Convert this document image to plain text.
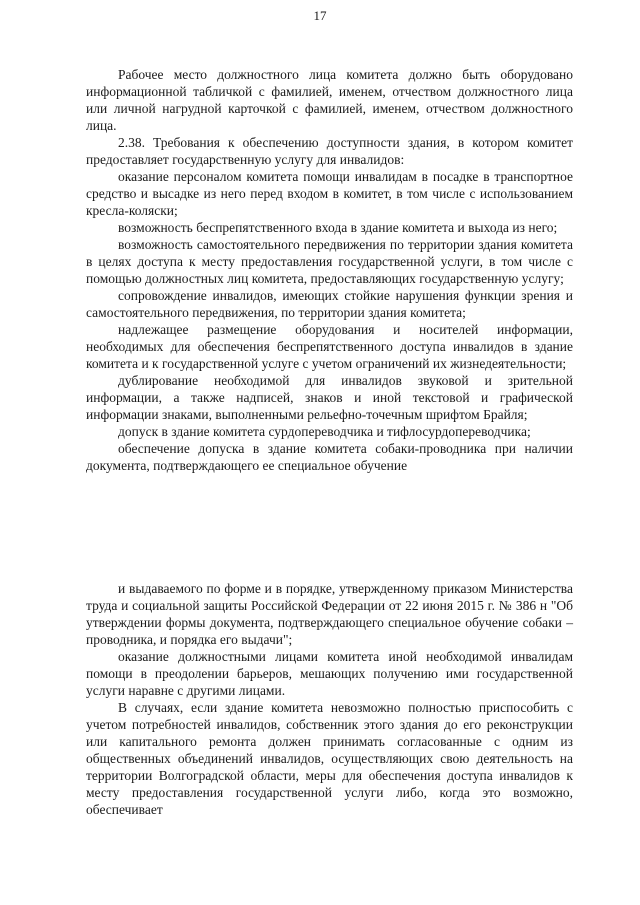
17

Рабочее место должностного лица комитета должно быть оборудовано информационной табличкой с фамилией, именем, отчеством должностного лица или личной нагрудной карточкой с фамилией, именем, отчеством должностного лица.

2.38. Требования к обеспечению доступности здания, в котором комитет предоставляет государственную услугу для инвалидов:

оказание персоналом комитета помощи инвалидам в посадке в транспортное средство и высадке из него перед входом в комитет, в том числе с использованием кресла-коляски;

возможность беспрепятственного входа в здание комитета и выхода из него;

возможность самостоятельного передвижения по территории здания комитета в целях доступа к месту предоставления государственной услуги, в том числе с помощью должностных лиц комитета, предоставляющих государственную услугу;

сопровождение инвалидов, имеющих стойкие нарушения функции зрения и самостоятельного передвижения, по территории здания комитета;

надлежащее размещение оборудования и носителей информации, необходимых для обеспечения беспрепятственного доступа инвалидов в здание комитета и к государственной услуге с учетом ограничений их жизнедеятельности;

дублирование необходимой для инвалидов звуковой и зрительной информации, а также надписей, знаков и иной текстовой и графической информации знаками, выполненными рельефно-точечным шрифтом Брайля;

допуск в здание комитета сурдопереводчика и тифлосурдопереводчика;

обеспечение допуска в здание комитета собаки-проводника при наличии документа, подтверждающего ее специальное обучение

и выдаваемого по форме и в порядке, утвержденному приказом Министерства труда и социальной защиты Российской Федерации от 22 июня 2015 г. № 386 н "Об утверждении формы документа, подтверждающего специальное обучение собаки – проводника, и порядка его выдачи";

оказание должностными лицами комитета иной необходимой инвалидам помощи в преодолении барьеров, мешающих получению ими государственной услуги наравне с другими лицами.

В случаях, если здание комитета невозможно полностью приспособить с учетом потребностей инвалидов, собственник этого здания до его реконструкции или капитального ремонта должен принимать согласованные с одним из общественных объединений инвалидов, осуществляющих свою деятельность на территории Волгоградской области, меры для обеспечения доступа инвалидов к месту предоставления государственной услуги либо, когда это возможно, обеспечивает
